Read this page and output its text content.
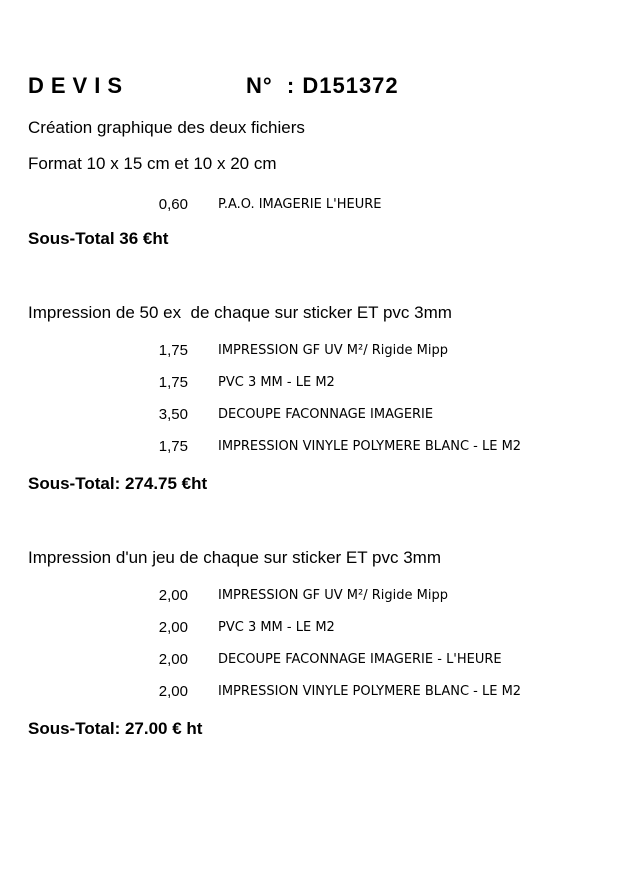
DEVIS	N°  : D151372
Création graphique des deux fichiers
Format 10 x 15 cm et 10 x 20 cm
0,60 P.A.O. IMAGERIE L'HEURE
Sous-Total 36 €ht
Impression de 50 ex  de chaque sur sticker ET pvc 3mm
1,75 IMPRESSION GF UV M²/ Rigide Mipp
1,75 PVC 3 MM - LE M2
3,50 DECOUPE FACONNAGE IMAGERIE
1,75 IMPRESSION VINYLE POLYMERE BLANC - LE M2
Sous-Total: 274.75 €ht
Impression d'un jeu de chaque sur sticker ET pvc 3mm
2,00 IMPRESSION GF UV M²/ Rigide Mipp
2,00 PVC 3 MM - LE M2
2,00 DECOUPE FACONNAGE IMAGERIE - L'HEURE
2,00 IMPRESSION VINYLE POLYMERE BLANC - LE M2
Sous-Total: 27.00 € ht
